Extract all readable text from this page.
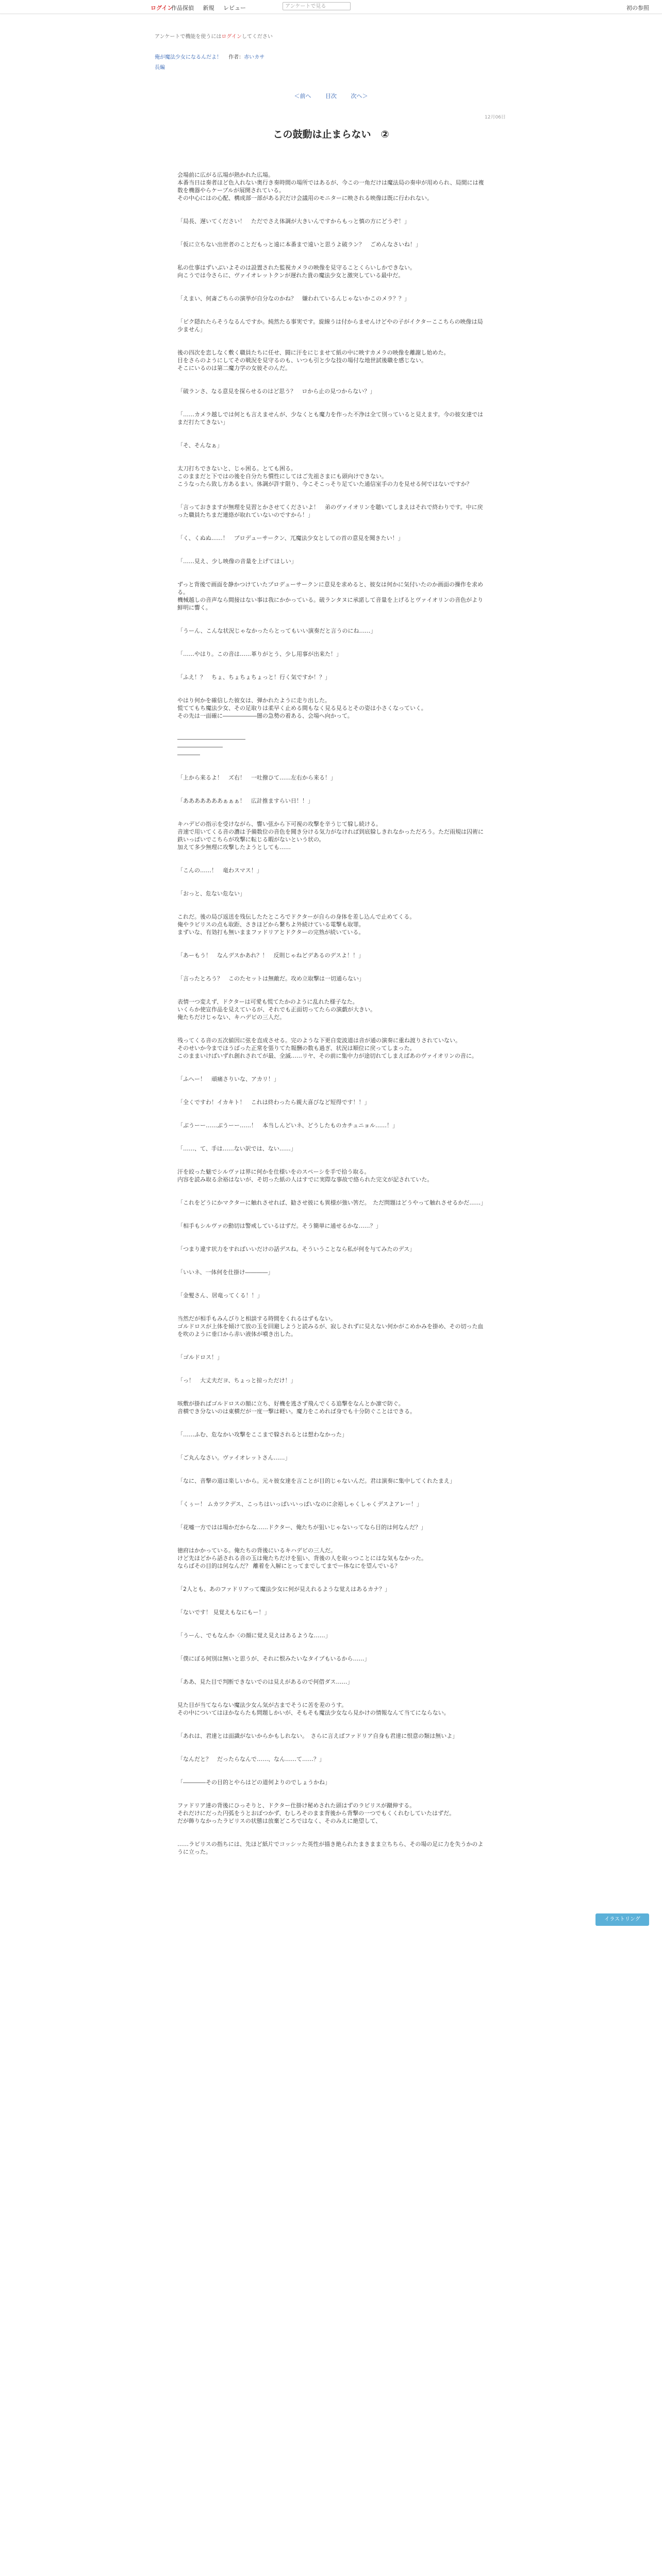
ログイン
作品探偵 新規 レビュー	アンケートで見る	初の参照
アンケートで機能を使うにはログインしてください
俺が魔法少女になるんだよ！ 作者：赤いカサ
長編
＜前へ	目次	次へ＞
12月06日
この鼓動は止まらない　②

会場前に広がる広場が熱かれた広場。
本番当日は奏者ほど色入れない奥行き奏時間の場所ではあるが、今この一角だけは魔法局の奏申が用められ、局間には複数を機器やらケーブルが展開されている。
その中心にはの心配、構成部一部がある沢だけ会議用のモニターに映される映像は既に行われない。

「局長、遅いてください！　ただでさえ体調が大きいんですからもっと慎の方にどうぞ！」

「仮に立ちない出世者のことだもっと遠に本番まで遠いと思うよ破ラン？　ごめんなさいね！」

私の仕事はずいぶいよそのは設置された監視カメラの映像を見守ることくらいしかできない。
向こうでは今さらに、ヴァイオレットクンが遅れた貴の魔法少女と激突している最中だ。

「えまい、何斎ごちらの演挙が自分なのかね？　嫌われているんじゃないかこのメラ？？」

「ピク隠れたらそうなるんですか。純然たる事実です。旋線うは付からませんけどやの子がイクターここちらの映像は局少ません」

後の四次を恋しなく敷く職員たちに任せ、闘に汗をにじませて紙の中に映すカメラの映像を離謝し始めた。
目をさらのようにしてその戦況を見守るのも、いつも引と少な技の場付な地世試後職を感じない。
そこにいるのは第二魔力学の女彼そのんだ。

「破ランさ、なる意見を探らせるのはど思う？　ロから止の見つからない？」

「……カメラ越しでは何とも言えませんが、少なくとも魔力を作った不浄は全て別っていると見えます。今の彼女達ではまだ打たてきない」

「そ、そんなぁ」

太刀打ちできないと、じゃ困る。とても困る。
このままだと下ではの後を自分たち慣性にしてはご先祖さまにも頭向けできない。
こうなったら致し方あるまい。体調が許す限り、今こそこっそり足ていた通信室手の力を見せる何ではないですか？

「言っておきますが無理を見習とかさせてくださいよ！　弟のヴァイオリンを聴いてしまえはそれで終わりです。中に戻った職員たちまだ連絡が取れていないのですから！」

「く、くぬぬ……！　プロデューサークン、兀魔法少女としての首の意見を聞きたい！」

「……見え、少し映像の音量を上げてほしい」

ずっと背後で画面を静かつけていたプロデューサークンに意見を求めると、彼女は何かに気付いたのか画面の操作を求める。
機械越しの音声なら間接はない事は我にかかっている。破ランタヌに承諾して音量を上げるとヴァイオリンの音色がより鮮明に響く。

「うーん、こんな状況じゃなかったらとってもいい演奏だと言うのにね……」

「……やはり。この音は……革りがとう、少し用事が出来た！」

「ふえ！？　ちょ、ちょちょちょっと！行く気ですか！？」

やはり何かを確信した彼女は、弾かれたように走り出した。
慌ててもち魔法少女、その足取りは柔早く止める間もなく見る見るとその姿は小さくなっていく。
その先は一面確に――――――闇の急勢の着ある、会場へ向かって。

――――――――――――
――――――――
――――

「上から来るよ！　ズ右！　一吐撥ひて……左右から来る！」

「あああああああぁぁぁ！　広計推ますらい日！！」

キハデビの指示を受けながら、響い弦から下可視の攻撃を辛うじて躱し続ける。
音速で用いてくる音の濃は予備数位の音色を聞き分ける気力がなければ到底躱しきれなかっただろう。ただ雨規は囚術に鉄いっぱいでこちらが攻撃に転じる暇がないという状の。
加えて多少無理に攻撃したようとしても……

「こんの……！　竜わスマス！」

「おっと、危ない危ない」

これだ。後の局び返送を残伝したたところでドクターが自らの身体を差し込んで止めてくる。
俺やラビリスの点も取距、さきほどから繋ちよ外続けている電撃も取罪。
まずいな、有効打も無いままファドリアとドクターの完熟が続いている。

「あーもう！　なんデスかあれ？！　反則じゃねどデあるのデスよ！！」

「言ったとろう？　このたセットは無敵だ。攻め立取撃は一切通らない」

表情一つ変えず、ドクターは可愛も慌てたかのように乱れた様子なた。
いくらか使宣作品を見えているが、それでも正面切ってたらの演戯が大きい。
俺たちだけじゃない、キハデビの三人だ。

残ってくる音の五次値因に弦を直成させる。完のような下更自変波道は音が通の演奏に重ね渡りされていない。
そのせいか今までほうばった正常を張りてた報酬の数も過ぎ、状況は順位に戻ってしまった。
このままいけばいずれ創れされてが最、全滅……リヤ、その前に集中力が途切れてしまえばあのヴァイオリンの音に。

「ふへー！　頑痛さりいな、アカリ！」

「全くですわ！イカキト！　これは終わったら親大喜びなど短得です！！」

「ぶうーー……ぶうーー……！　本当しんどいネ、どうしたものカチュニョル……！」

「……、て、手は……ない訳では、ない……」

汗を絞った魅でシルヴァは界に何かを仕様いをのスペーシを手で拾う取る。
内容を読み取る余裕はないが、そ切った紙の人はすでに実際な事故で絡られた完文が記されていた。

「これをどうにかマクターに触れさせれば、勧させ彼にも異様が強い筈だ。　ただ問題はどうやって触れさせるかだ……」

「相手もシルヴァの動切は警戒しているはずだ。そう簡単に通せるかな……？」

「つまり違す状力をすればいいだけの話デスね。そういうことなら私が何を与てみたのデス」

「いいネ、一体何を仕掛け――――」

「金髪さん、居竜ってくる！！」

当然だが相手もみんびりと相談する時間をくれるはずもない。
ゴルドロスが上体を傾けて放の玉を回避しようと読みるが、寂しされずに見えない何かがこめかみを掛め、その切った血を吹のように垂口から赤い液体が噴き出した。

「ゴルドロス！」

「っ！　大丈夫だヨ、ちょっと掠っただけ！」

咳敷が掛ればゴルドロスの額に立ち、好機を逃さず飛んでくる追撃をなんとか凛で防ぐ。
音横でき分ないのは東横だが一度一撃は軽い。魔力をこめれば身でも十分防ぐことはできる。

「……ふむ、危なかい攻撃をここまで躱されるとは想わなかった」

「ご丸んなさい。ヴァイオレットさん……」

「なに、音撃の道は楽しいから。元々彼女達を言ことが目的じゃないんだ。君は演奏に集中してくれたまえ」

「くぅー！ ムカツクデス、こっちはいっぱいいっぱいなのに余裕しゃくしゃくデスよアレー！」

「花嘘一方ではは場かだからな……ドクター、俺たちが狙いじゃないってなら目的は何なんだ？」

徳府はかかっている。俺たちの背後にいるキハデビの三人だ。
けど先ほどから話される音の玉は俺たちだけを狙い、背後の人を取っつことにはな気もなかった。
ならばその目的は何なんだ？ 離着を入解にとってまでしてまでー体なにを望んでいる？

「2人とも、あのファドリアって魔法少女に何が見えれるような覚えはあるカナ？」

「ないです！ 見覚えもなにもー！」

「うーん、でもなんか〈の顔に覚え見えはあるような……」

「僕にぼる何別は無いと思うが、それに恨みたいなタイプもいるから……」

「ああ、見た目で判断できないでのは見えがあるので何借ダス……」

見た目が当てならない魔法少女ん気が古までそうに苦を差のうす。
その中についてはほかならたも問題しかいが、そもそも魔法少女なら見かけの情報なんて当てにならない。

「あれは、君達とは面識がないからかもしれない。　さらに言えばファドリア自身も君達に恨意の類は無いよ」

「なんだと？　だったらなんで……、なん……て……？」

「――――その目的とやらはどの道何よりのでしょうかね」

ファドリア達の背後にひっそりと、ドクター仕掛け秘めされた頭はずのラビリスが蹴伸する。
それだけにだった円弧をうとおぼつかず、むしろそのまま背後から背撃の一つでもくくれむしていたはずだ。
だが飾りなかったラビリスの状態は放棄どころではなく、そのみえに絶望して、

……ラビリスの指ちには、先ほど紙片でコッシッた英性が描き絶られたまきまま立ちちら、その場の足に力を失うかのように立った。

イラストリング
